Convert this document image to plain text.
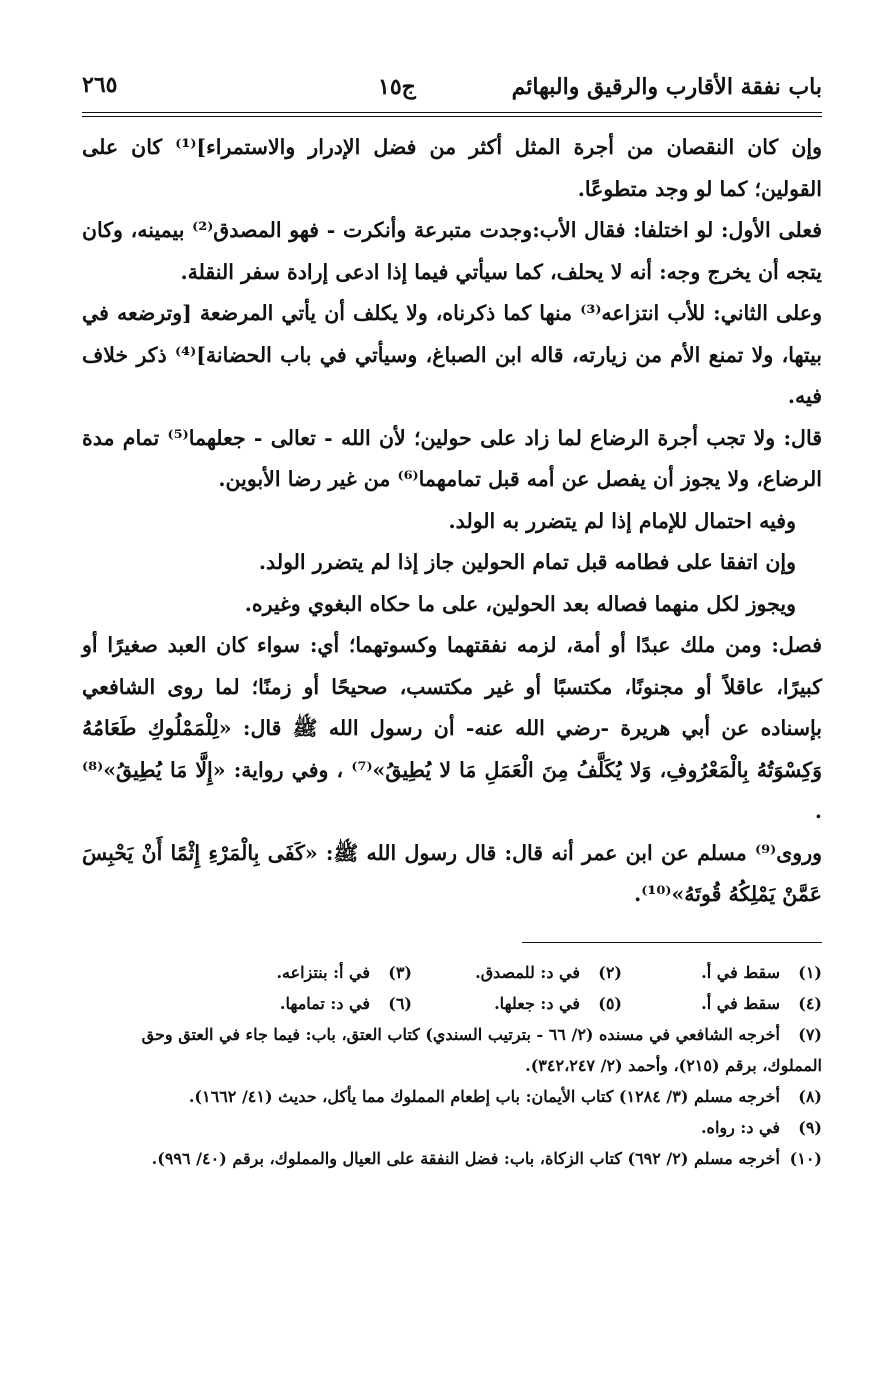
باب نفقة الأقارب والرقيق والبهائم
ج١٥
٢٦٥

وإن كان النقصان من أجرة المثل أكثر من فضل الإدرار والاستمراء]⁽¹⁾ كان على القولين؛ كما لو وجد متطوعًا.

فعلى الأول: لو اختلفا: فقال الأب:وجدت متبرعة وأنكرت - فهو المصدق⁽²⁾ بيمينه، وكان يتجه أن يخرج وجه: أنه لا يحلف، كما سيأتي فيما إذا ادعى إرادة سفر النقلة.

وعلى الثاني: للأب انتزاعه⁽³⁾ منها كما ذكرناه، ولا يكلف أن يأتي المرضعة [وترضعه في بيتها، ولا تمنع الأم من زيارته، قاله ابن الصباغ، وسيأتي في باب الحضانة]⁽⁴⁾ ذكر خلاف فيه.

قال: ولا تجب أجرة الرضاع لما زاد على حولين؛ لأن الله - تعالى - جعلهما⁽⁵⁾ تمام مدة الرضاع، ولا يجوز أن يفصل عن أمه قبل تمامهما⁽⁶⁾ من غير رضا الأبوين.

وفيه احتمال للإمام إذا لم يتضرر به الولد.

وإن اتفقا على فطامه قبل تمام الحولين جاز إذا لم يتضرر الولد.

ويجوز لكل منهما فصاله بعد الحولين، على ما حكاه البغوي وغيره.

فصل: ومن ملك عبدًا أو أمة، لزمه نفقتهما وكسوتهما؛ أي: سواء كان العبد صغيرًا أو كبيرًا، عاقلاً أو مجنونًا، مكتسبًا أو غير مكتسب، صحيحًا أو زمنًا؛ لما روى الشافعي بإسناده عن أبي هريرة -رضي الله عنه- أن رسول الله ﷺ قال: «لِلْمَمْلُوكِ طَعَامُهُ وَكِسْوَتُهُ بِالْمَعْرُوفِ، وَلا يُكَلَّفُ مِنَ الْعَمَلِ مَا لا يُطِيقُ»⁽⁷⁾ ، وفي رواية: «إِلَّا مَا يُطِيقُ»⁽⁸⁾ .

وروى⁽⁹⁾ مسلم عن ابن عمر أنه قال: قال رسول الله ﷺ: «كَفَى بِالْمَرْءِ إِثْمًا أَنْ يَحْبِسَ عَمَّنْ يَمْلِكُهُ قُوتَهُ»⁽¹⁰⁾.

(١)سقط في أ.
(٢)في د: للمصدق.
(٣)في أ: بنتزاعه.
(٤)سقط في أ.
(٥)في د: جعلها.
(٦)في د: تمامها.
(٧)أخرجه الشافعي في مسنده (٢/ ٦٦ - بترتيب السندي) كتاب العتق، باب: فيما جاء في العتق وحق المملوك، برقم (٢١٥)، وأحمد (٢/ ٣٤٢،٢٤٧).
(٨)أخرجه مسلم (٣/ ١٢٨٤) كتاب الأيمان: باب إطعام المملوك مما يأكل، حديث (٤١/ ١٦٦٢).
(٩)في د: رواه.
(١٠)أخرجه مسلم (٢/ ٦٩٢) كتاب الزكاة، باب: فضل النفقة على العيال والمملوك، برقم (٤٠/ ٩٩٦).
